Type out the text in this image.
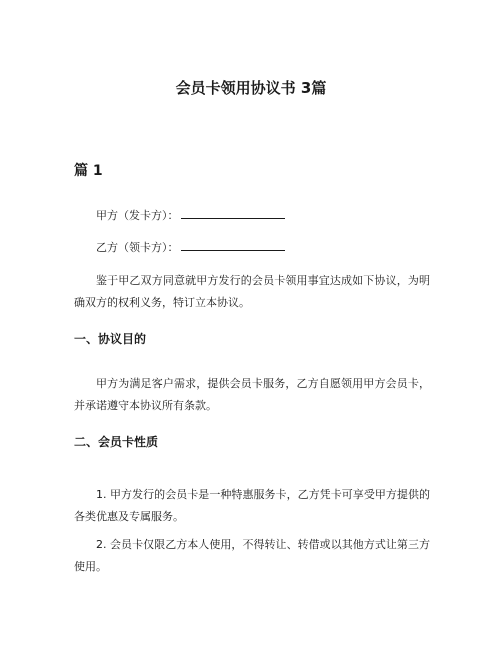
会员卡领用协议书 3篇
篇 1
甲方（发卡方）：
乙方（领卡方）：
鉴于甲乙双方同意就甲方发行的会员卡领用事宜达成如下协议，为明确双方的权利义务，特订立本协议。
一、协议目的
甲方为满足客户需求，提供会员卡服务，乙方自愿领用甲方会员卡，并承诺遵守本协议所有条款。
二、会员卡性质
1. 甲方发行的会员卡是一种特惠服务卡，乙方凭卡可享受甲方提供的各类优惠及专属服务。
2. 会员卡仅限乙方本人使用，不得转让、转借或以其他方式让第三方使用。
